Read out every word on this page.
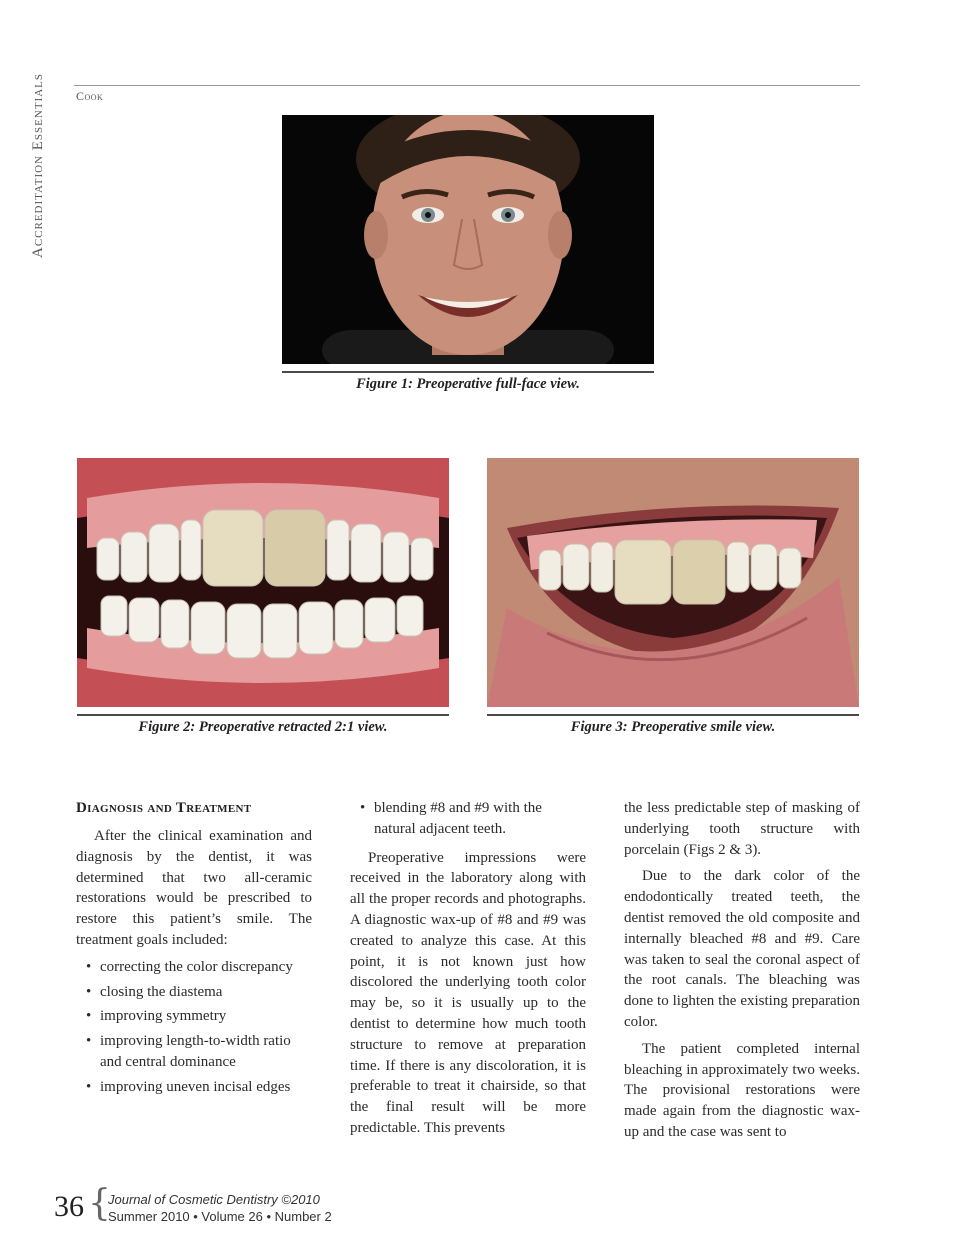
Accreditation Essentials	Cook
Figure 1: Preoperative full-face view.
Figure 2: Preoperative retracted 2:1 view.	Figure 3: Preoperative smile view.
Diagnosis and Treatment

After the clinical examination and diagnosis by the dentist, it was determined that two all-ceramic restorations would be prescribed to restore this patient’s smile. The treatment goals included:

• correcting the color discrepancy
• closing the diastema
• improving symmetry
• improving length-to-width ratio and central dominance
• improving uneven incisal edges
• blending #8 and #9 with the natural adjacent teeth.

Preoperative impressions were received in the laboratory along with all the proper records and photographs. A diagnostic wax-up of #8 and #9 was created to analyze this case. At this point, it is not known just how discolored the underlying tooth color may be, so it is usually up to the dentist to determine how much tooth structure to remove at preparation time. If there is any discoloration, it is preferable to treat it chairside, so that the final result will be more predictable. This prevents

the less predictable step of masking of underlying tooth structure with porcelain (Figs 2 & 3).

Due to the dark color of the endodontically treated teeth, the dentist removed the old composite and internally bleached #8 and #9. Care was taken to seal the coronal aspect of the root canals. The bleaching was done to lighten the existing preparation color.

The patient completed internal bleaching in approximately two weeks. The provisional restorations were made again from the diagnostic wax-up and the case was sent to

36 {
Journal of Cosmetic Dentistry ©2010
Summer 2010 • Volume 26 • Number 2
